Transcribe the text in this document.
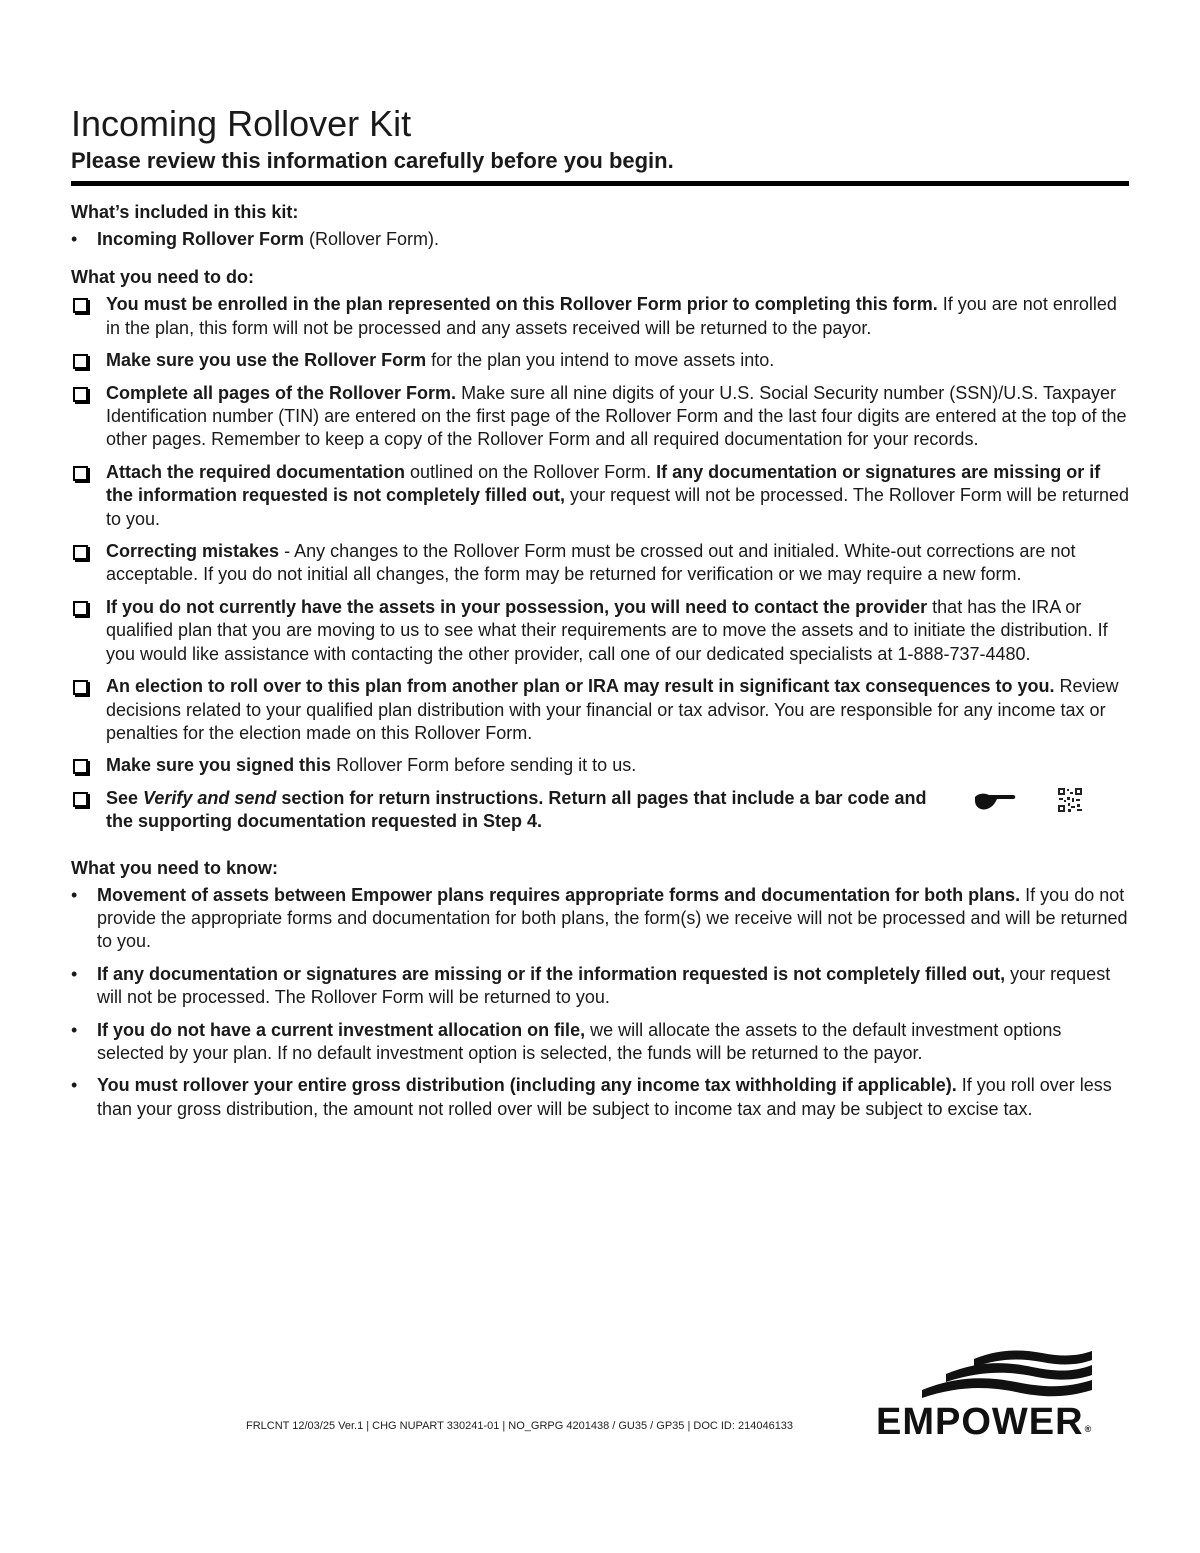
Incoming Rollover Kit
Please review this information carefully before you begin.
What’s included in this kit:
•	Incoming Rollover Form (Rollover Form).
What you need to do:
You must be enrolled in the plan represented on this Rollover Form prior to completing this form. If you are not enrolled in the plan, this form will not be processed and any assets received will be returned to the payor.
Make sure you use the Rollover Form for the plan you intend to move assets into.
Complete all pages of the Rollover Form. Make sure all nine digits of your U.S. Social Security number (SSN)/U.S. Taxpayer Identification number (TIN) are entered on the first page of the Rollover Form and the last four digits are entered at the top of the other pages. Remember to keep a copy of the Rollover Form and all required documentation for your records.
Attach the required documentation outlined on the Rollover Form. If any documentation or signatures are missing or if the information requested is not completely filled out, your request will not be processed. The Rollover Form will be returned to you.
Correcting mistakes - Any changes to the Rollover Form must be crossed out and initialed. White-out corrections are not acceptable. If you do not initial all changes, the form may be returned for verification or we may require a new form.
If you do not currently have the assets in your possession, you will need to contact the provider that has the IRA or qualified plan that you are moving to us to see what their requirements are to move the assets and to initiate the distribution. If you would like assistance with contacting the other provider, call one of our dedicated specialists at 1-888-737-4480.
An election to roll over to this plan from another plan or IRA may result in significant tax consequences to you. Review decisions related to your qualified plan distribution with your financial or tax advisor. You are responsible for any income tax or penalties for the election made on this Rollover Form.
Make sure you signed this Rollover Form before sending it to us.
See Verify and send section for return instructions. Return all pages that include a bar code and the supporting documentation requested in Step 4.
What you need to know:
•	Movement of assets between Empower plans requires appropriate forms and documentation for both plans. If you do not provide the appropriate forms and documentation for both plans, the form(s) we receive will not be processed and will be returned to you.
•	If any documentation or signatures are missing or if the information requested is not completely filled out, your request will not be processed. The Rollover Form will be returned to you.
•	If you do not have a current investment allocation on file, we will allocate the assets to the default investment options selected by your plan. If no default investment option is selected, the funds will be returned to the payor.
•	You must rollover your entire gross distribution (including any income tax withholding if applicable). If you roll over less than your gross distribution, the amount not rolled over will be subject to income tax and may be subject to excise tax.
FRLCNT 12/03/25 Ver.1 | CHG NUPART 330241-01 | NO_GRPG 4201438 / GU35 / GP35 | DOC ID: 214046133	EMPOWER®
